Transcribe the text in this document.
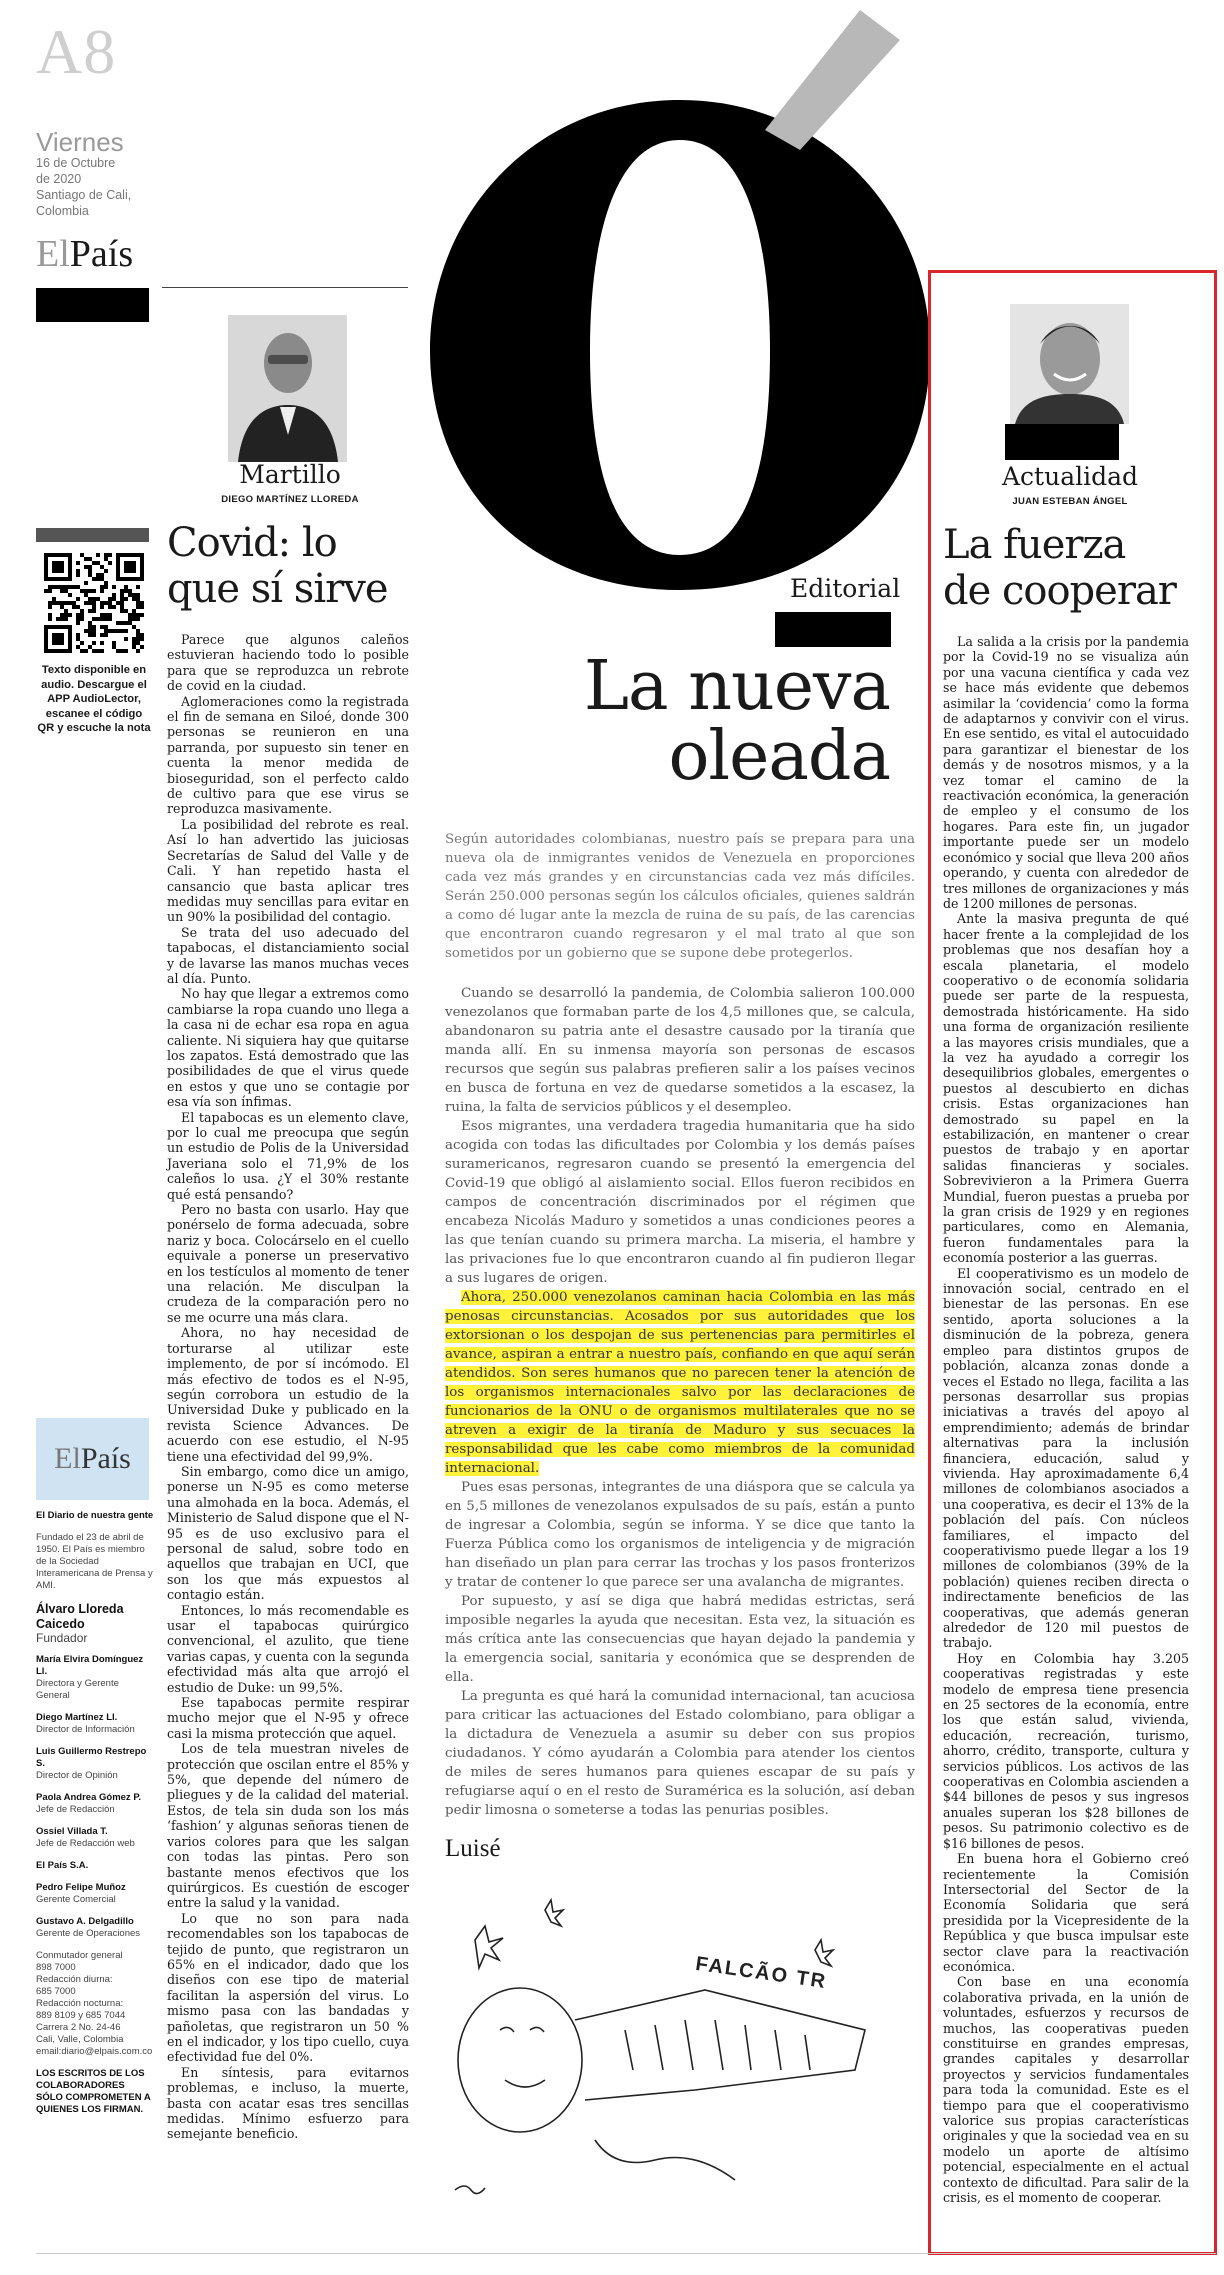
A8
Viernes
16 de Octubre
de 2020
Santiago de Cali,
Colombia
ElPaís
Martillo
DIEGO MARTÍNEZ LLOREDA
Covid: lo
que sí sirve

Parece que algunos caleños estuvieran haciendo todo lo posible para que se reproduzca un rebrote de covid en la ciudad.

Aglomeraciones como la registrada el fin de semana en Siloé, donde 300 personas se reunieron en una parranda, por supuesto sin tener en cuenta la menor medida de bioseguridad, son el perfecto caldo de cultivo para que ese virus se reproduzca masivamente.

La posibilidad del rebrote es real. Así lo han advertido las juiciosas Secretarías de Salud del Valle y de Cali. Y han repetido hasta el cansancio que basta aplicar tres medidas muy sencillas para evitar en un 90% la posibilidad del contagio.

Se trata del uso adecuado del tapabocas, el distanciamiento social y de lavarse las manos muchas veces al día. Punto.

No hay que llegar a extremos como cambiarse la ropa cuando uno llega a la casa ni de echar esa ropa en agua caliente. Ni siquiera hay que quitarse los zapatos. Está demostrado que las posibilidades de que el virus quede en estos y que uno se contagie por esa vía son ínfimas.

El tapabocas es un elemento clave, por lo cual me preocupa que según un estudio de Polis de la Universidad Javeriana solo el 71,9% de los caleños lo usa. ¿Y el 30% restante qué está pensando?

Pero no basta con usarlo. Hay que ponérselo de forma adecuada, sobre nariz y boca. Colocárselo en el cuello equivale a ponerse un preservativo en los testículos al momento de tener una relación. Me disculpan la crudeza de la comparación pero no se me ocurre una más clara.

Ahora, no hay necesidad de torturarse al utilizar este implemento, de por sí incómodo. El más efectivo de todos es el N-95, según corrobora un estudio de la Universidad Duke y publicado en la revista Science Advances. De acuerdo con ese estudio, el N-95 tiene una efectividad del 99,9%.

Sin embargo, como dice un amigo, ponerse un N-95 es como meterse una almohada en la boca. Además, el Ministerio de Salud dispone que el N-95 es de uso exclusivo para el personal de salud, sobre todo en aquellos que trabajan en UCI, que son los que más expuestos al contagio están.

Entonces, lo más recomendable es usar el tapabocas quirúrgico convencional, el azulito, que tiene varias capas, y cuenta con la segunda efectividad más alta que arrojó el estudio de Duke: un 99,5%.

Ese tapabocas permite respirar mucho mejor que el N-95 y ofrece casi la misma protección que aquel.

Los de tela muestran niveles de protección que oscilan entre el 85% y 5%, que depende del número de pliegues y de la calidad del material. Estos, de tela sin duda son los más ‘fashion’ y algunas señoras tienen de varios colores para que les salgan con todas las pintas. Pero son bastante menos efectivos que los quirúrgicos. Es cuestión de escoger entre la salud y la vanidad.

Lo que no son para nada recomendables son los tapabocas de tejido de punto, que registraron un 65% en el indicador, dado que los diseños con ese tipo de material facilitan la aspersión del virus. Lo mismo pasa con las bandadas y pañoletas, que registraron un 50 % en el indicador, y los tipo cuello, cuya efectividad fue del 0%.

En síntesis, para evitarnos problemas, e incluso, la muerte, basta con acatar esas tres sencillas medidas. Mínimo esfuerzo para semejante beneficio.

Texto disponible en audio. Descargue el APP AudioLector, escanee el código QR y escuche la nota
El País
El Diario de nuestra gente
Fundado el 23 de abril de 1950. El País es miembro de la Sociedad Interamericana de Prensa y AMI.
Álvaro Lloreda Caicedo
Fundador
María Elvira Domínguez Ll.
Directora y Gerente General
Diego Martínez Ll.
Director de Información
Luis Guillermo Restrepo S.
Director de Opinión
Paola Andrea Gómez P.
Jefe de Redacción
Ossiel Villada T.
Jefe de Redacción web
El País S.A.
Pedro Felipe Muñoz
Gerente Comercial
Gustavo A. Delgadillo
Gerente de Operaciones
Conmutador general
898 7000
Redacción diurna:
685 7000
Redacción nocturna:
889 8109 y 685 7044
Carrera 2 No. 24-46
Cali, Valle, Colombia
email:diario@elpais.com.co
LOS ESCRITOS DE LOS COLABORADORES SÓLO COMPROMETEN A QUIENES LOS FIRMAN.
Editorial
La nueva
oleada

Según autoridades colombianas, nuestro país se prepara para una nueva ola de inmigrantes venidos de Venezuela en proporciones cada vez más grandes y en circunstancias cada vez más difíciles. Serán 250.000 personas según los cálculos oficiales, quienes saldrán a como dé lugar ante la mezcla de ruina de su país, de las carencias que encontraron cuando regresaron y el mal trato al que son sometidos por un gobierno que se supone debe protegerlos.

Cuando se desarrolló la pandemia, de Colombia salieron 100.000 venezolanos que formaban parte de los 4,5 millones que, se calcula, abandonaron su patria ante el desastre causado por la tiranía que manda allí. En su inmensa mayoría son personas de escasos recursos que según sus palabras prefieren salir a los países vecinos en busca de fortuna en vez de quedarse sometidos a la escasez, la ruina, la falta de servicios públicos y el desempleo.

Esos migrantes, una verdadera tragedia humanitaria que ha sido acogida con todas las dificultades por Colombia y los demás países suramericanos, regresaron cuando se presentó la emergencia del Covid-19 que obligó al aislamiento social. Ellos fueron recibidos en campos de concentración discriminados por el régimen que encabeza Nicolás Maduro y sometidos a unas condiciones peores a las que tenían cuando su primera marcha. La miseria, el hambre y las privaciones fue lo que encontraron cuando al fin pudieron llegar a sus lugares de origen.

Ahora, 250.000 venezolanos caminan hacia Colombia en las más penosas circunstancias. Acosados por sus autoridades que los extorsionan o los despojan de sus pertenencias para permitirles el avance, aspiran a entrar a nuestro país, confiando en que aquí serán atendidos. Son seres humanos que no parecen tener la atención de los organismos internacionales salvo por las declaraciones de funcionarios de la ONU o de organismos multilaterales que no se atreven a exigir de la tiranía de Maduro y sus secuaces la responsabilidad que les cabe como miembros de la comunidad internacional.

Pues esas personas, integrantes de una diáspora que se calcula ya en 5,5 millones de venezolanos expulsados de su país, están a punto de ingresar a Colombia, según se informa. Y se dice que tanto la Fuerza Pública como los organismos de inteligencia y de migración han diseñado un plan para cerrar las trochas y los pasos fronterizos y tratar de contener lo que parece ser una avalancha de migrantes.

Por supuesto, y así se diga que habrá medidas estrictas, será imposible negarles la ayuda que necesitan. Esta vez, la situación es más crítica ante las consecuencias que hayan dejado la pandemia y la emergencia social, sanitaria y económica que se desprenden de ella.

La pregunta es qué hará la comunidad internacional, tan acuciosa para criticar las actuaciones del Estado colombiano, para obligar a la dictadura de Venezuela a asumir su deber con sus propios ciudadanos. Y cómo ayudarán a Colombia para atender los cientos de miles de seres humanos para quienes escapar de su país y refugiarse aquí o en el resto de Suramérica es la solución, así deban pedir limosna o someterse a todas las penurias posibles.

Luisé
FALCÃO TR
Actualidad
JUAN ESTEBAN ÁNGEL
La fuerza
de cooperar

La salida a la crisis por la pandemia por la Covid-19 no se visualiza aún por una vacuna científica y cada vez se hace más evidente que debemos asimilar la ‘covidencia’ como la forma de adaptarnos y convivir con el virus. En ese sentido, es vital el autocuidado para garantizar el bienestar de los demás y de nosotros mismos, y a la vez tomar el camino de la reactivación económica, la generación de empleo y el consumo de los hogares. Para este fin, un jugador importante puede ser un modelo económico y social que lleva 200 años operando, y cuenta con alrededor de tres millones de organizaciones y más de 1200 millones de personas.

Ante la masiva pregunta de qué hacer frente a la complejidad de los problemas que nos desafían hoy a escala planetaria, el modelo cooperativo o de economía solidaria puede ser parte de la respuesta, demostrada históricamente. Ha sido una forma de organización resiliente a las mayores crisis mundiales, que a la vez ha ayudado a corregir los desequilibrios globales, emergentes o puestos al descubierto en dichas crisis. Estas organizaciones han demostrado su papel en la estabilización, en mantener o crear puestos de trabajo y en aportar salidas financieras y sociales. Sobrevivieron a la Primera Guerra Mundial, fueron puestas a prueba por la gran crisis de 1929 y en regiones particulares, como en Alemania, fueron fundamentales para la economía posterior a las guerras.

El cooperativismo es un modelo de innovación social, centrado en el bienestar de las personas. En ese sentido, aporta soluciones a la disminución de la pobreza, genera empleo para distintos grupos de población, alcanza zonas donde a veces el Estado no llega, facilita a las personas desarrollar sus propias iniciativas a través del apoyo al emprendimiento; además de brindar alternativas para la inclusión financiera, educación, salud y vivienda. Hay aproximadamente 6,4 millones de colombianos asociados a una cooperativa, es decir el 13% de la población del país. Con núcleos familiares, el impacto del cooperativismo puede llegar a los 19 millones de colombianos (39% de la población) quienes reciben directa o indirectamente beneficios de las cooperativas, que además generan alrededor de 120 mil puestos de trabajo.

Hoy en Colombia hay 3.205 cooperativas registradas y este modelo de empresa tiene presencia en 25 sectores de la economía, entre los que están salud, vivienda, educación, recreación, turismo, ahorro, crédito, transporte, cultura y servicios públicos. Los activos de las cooperativas en Colombia ascienden a $44 billones de pesos y sus ingresos anuales superan los $28 billones de pesos. Su patrimonio colectivo es de $16 billones de pesos.

En buena hora el Gobierno creó recientemente la Comisión Intersectorial del Sector de la Economía Solidaria que será presidida por la Vicepresidente de la República y que busca impulsar este sector clave para la reactivación económica.

Con base en una economía colaborativa privada, en la unión de voluntades, esfuerzos y recursos de muchos, las cooperativas pueden constituirse en grandes empresas, grandes capitales y desarrollar proyectos y servicios fundamentales para toda la comunidad. Este es el tiempo para que el cooperativismo valorice sus propias características originales y que la sociedad vea en su modelo un aporte de altísimo potencial, especialmente en el actual contexto de dificultad. Para salir de la crisis, es el momento de cooperar.
